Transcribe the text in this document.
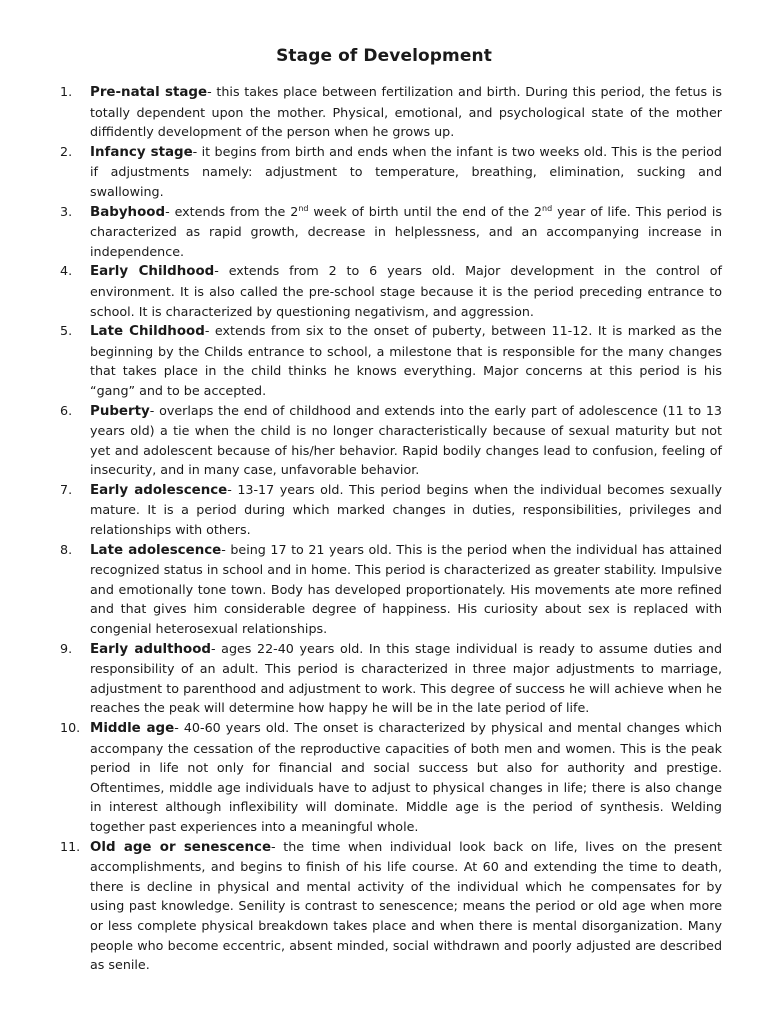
Stage of Development
1.	Pre-natal stage- this takes place between fertilization and birth. During this period, the fetus is totally dependent upon the mother. Physical, emotional, and psychological state of the mother diffidently development of the person when he grows up.
2.	Infancy stage- it begins from birth and ends when the infant is two weeks old. This is the period if adjustments namely: adjustment to temperature, breathing, elimination, sucking and swallowing.
3.	Babyhood- extends from the 2nd week of birth until the end of the 2nd year of life. This period is characterized as rapid growth, decrease in helplessness, and an accompanying increase in independence.
4.	Early Childhood- extends from 2 to 6 years old. Major development in the control of environment. It is also called the pre-school stage because it is the period preceding entrance to school. It is characterized by questioning negativism, and aggression.
5.	Late Childhood- extends from six to the onset of puberty, between 11-12. It is marked as the beginning by the Childs entrance to school, a milestone that is responsible for the many changes that takes place in the child thinks he knows everything. Major concerns at this period is his “gang” and to be accepted.
6.	Puberty- overlaps the end of childhood and extends into the early part of adolescence (11 to 13 years old) a tie when the child is no longer characteristically because of sexual maturity but not yet and adolescent because of his/her behavior. Rapid bodily changes lead to confusion, feeling of insecurity, and in many case, unfavorable behavior.
7.	Early adolescence- 13-17 years old. This period begins when the individual becomes sexually mature. It is a period during which marked changes in duties, responsibilities, privileges and relationships with others.
8.	Late adolescence- being 17 to 21 years old. This is the period when the individual has attained recognized status in school and in home. This period is characterized as greater stability. Impulsive and emotionally tone town. Body has developed proportionately. His movements ate more refined and that gives him considerable degree of happiness. His curiosity about sex is replaced with congenial heterosexual relationships.
9.	Early adulthood- ages 22-40 years old. In this stage individual is ready to assume duties and responsibility of an adult. This period is characterized in three major adjustments to marriage, adjustment to parenthood and adjustment to work. This degree of success he will achieve when he reaches the peak will determine how happy he will be in the late period of life.
10. Middle age- 40-60 years old. The onset is characterized by physical and mental changes which accompany the cessation of the reproductive capacities of both men and women. This is the peak period in life not only for financial and social success but also for authority and prestige. Oftentimes, middle age individuals have to adjust to physical changes in life; there is also change in interest although inflexibility will dominate. Middle age is the period of synthesis. Welding together past experiences into a meaningful whole.
11. Old age or senescence- the time when individual look back on life, lives on the present accomplishments, and begins to finish of his life course. At 60 and extending the time to death, there is decline in physical and mental activity of the individual which he compensates for by using past knowledge. Senility is contrast to senescence; means the period or old age when more or less complete physical breakdown takes place and when there is mental disorganization. Many people who become eccentric, absent minded, social withdrawn and poorly adjusted are described as senile.
